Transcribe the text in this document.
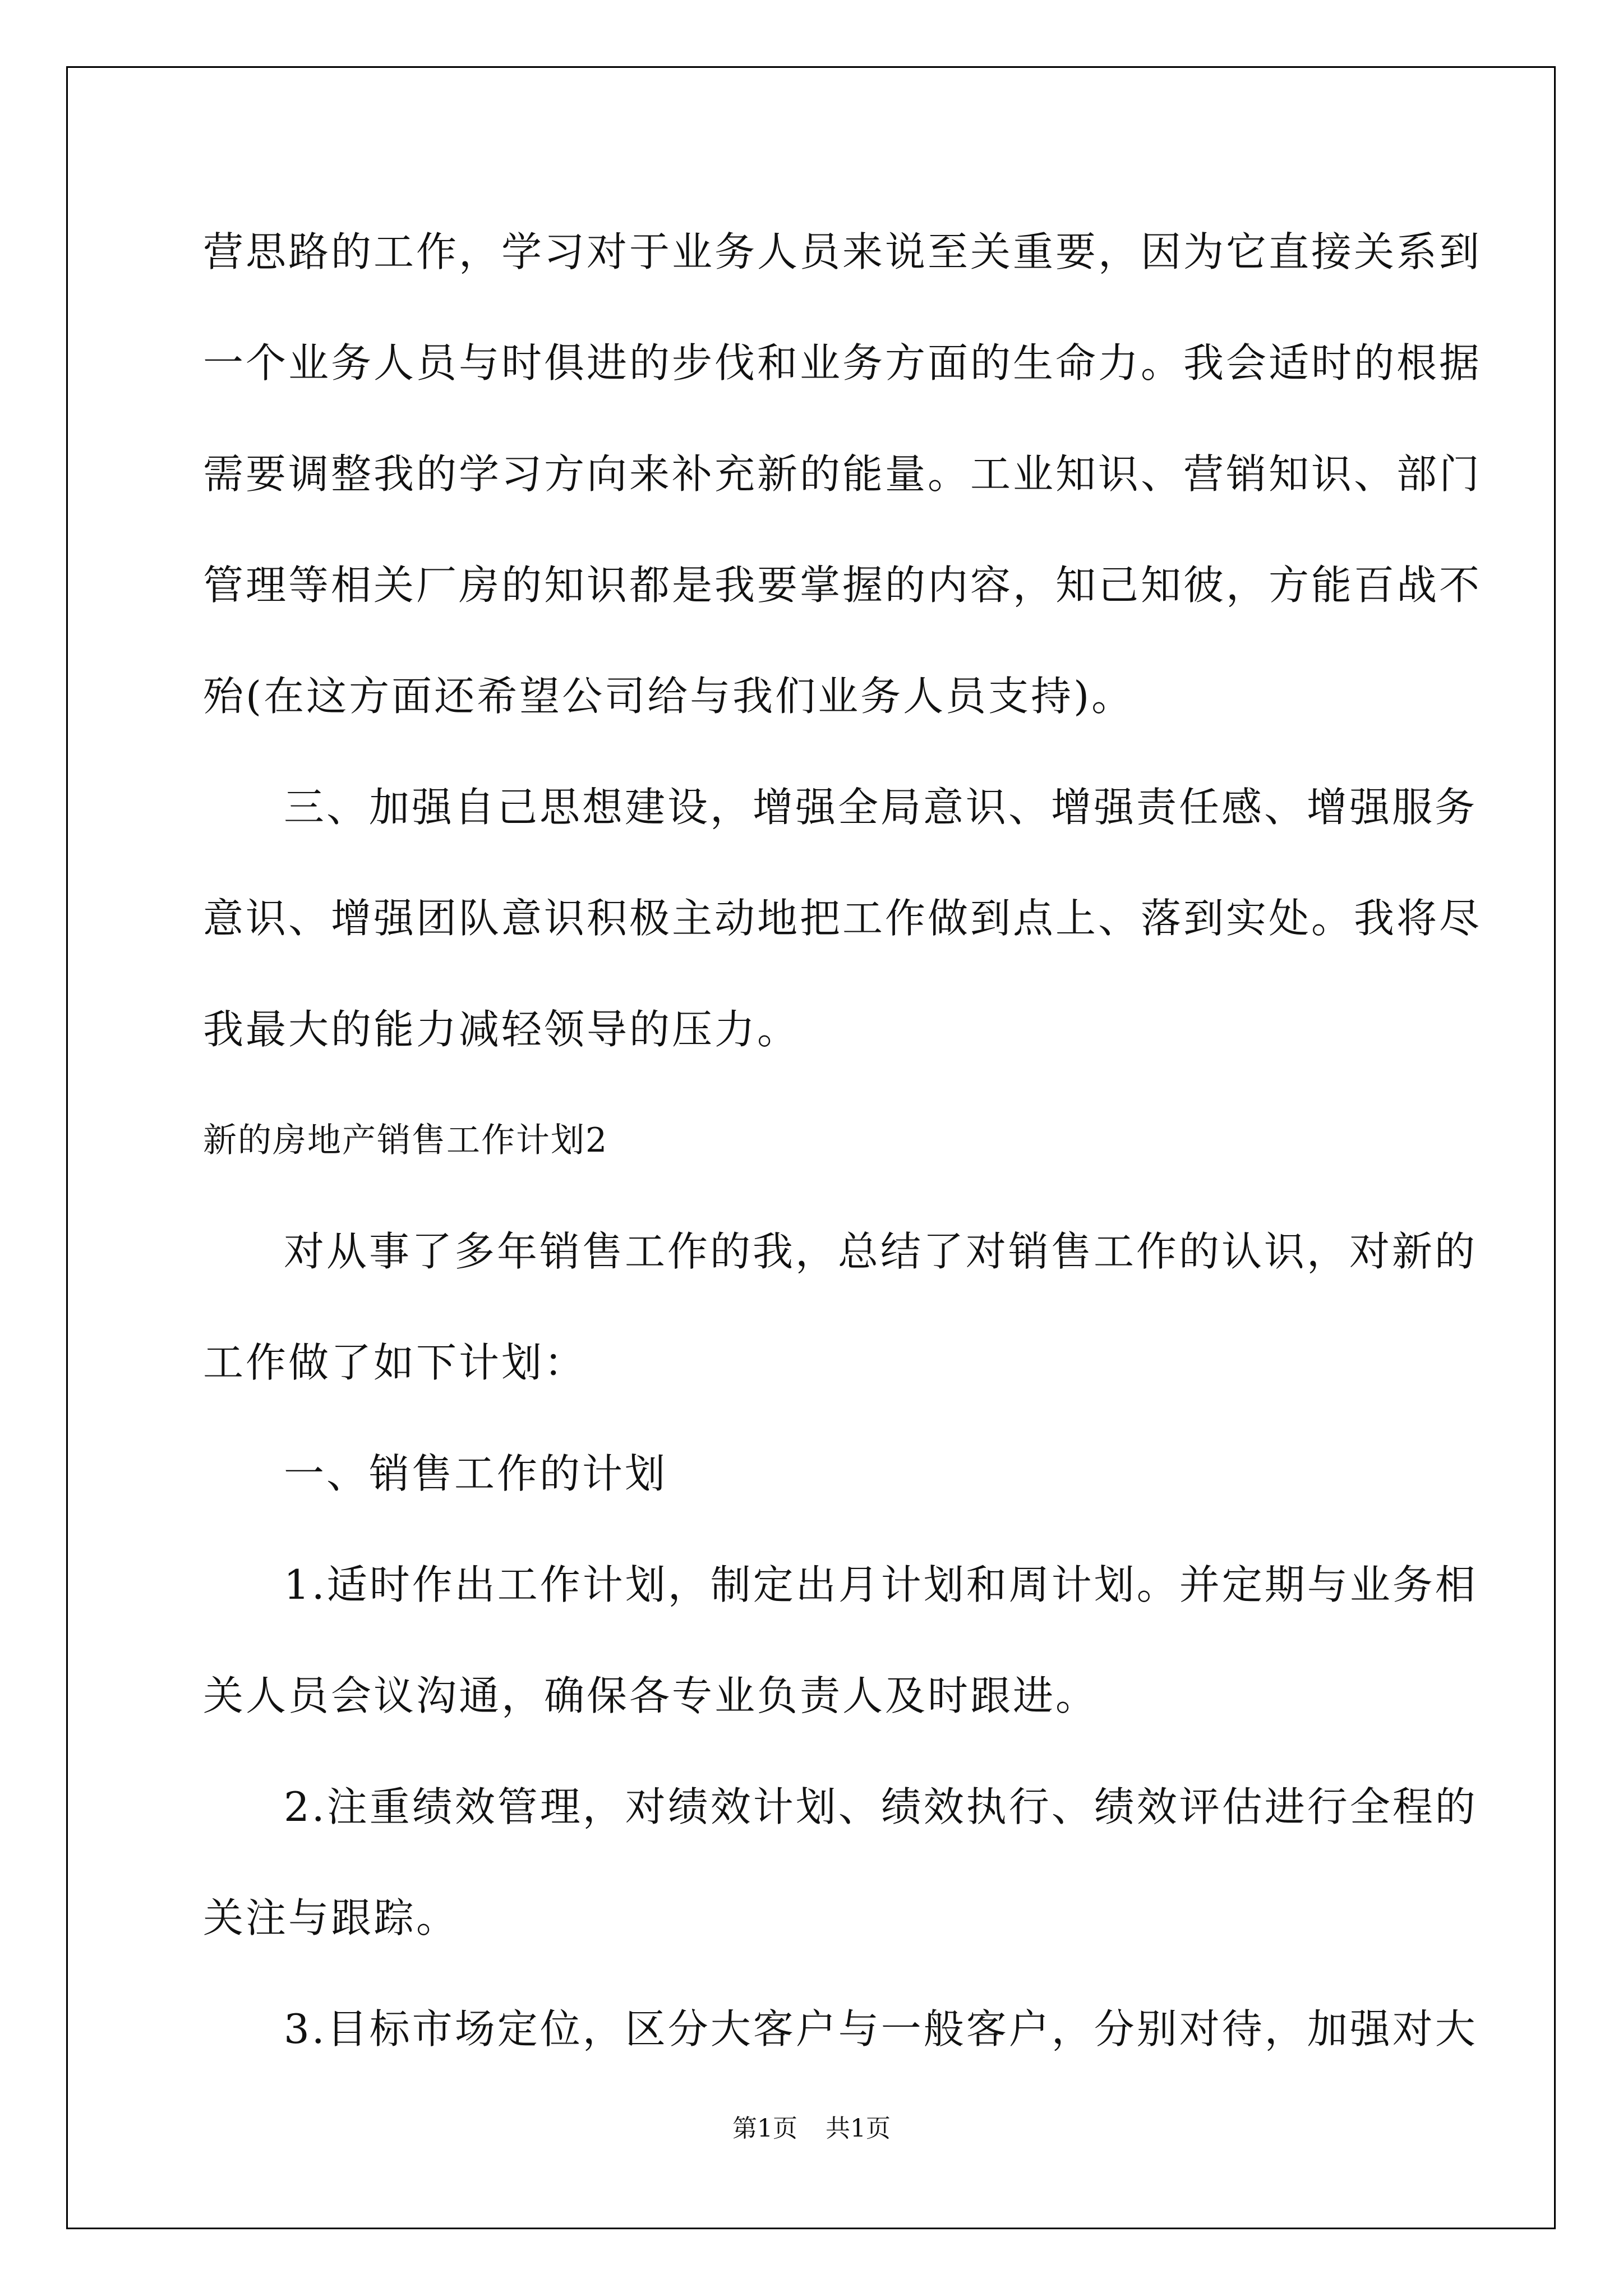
营思路的工作，学习对于业务人员来说至关重要，因为它直接关系到
一个业务人员与时俱进的步伐和业务方面的生命力。我会适时的根据
需要调整我的学习方向来补充新的能量。工业知识、营销知识、部门
管理等相关厂房的知识都是我要掌握的内容，知己知彼，方能百战不
殆(在这方面还希望公司给与我们业务人员支持)。
三、加强自己思想建设，增强全局意识、增强责任感、增强服务
意识、增强团队意识积极主动地把工作做到点上、落到实处。我将尽
我最大的能力减轻领导的压力。
新的房地产销售工作计划2
对从事了多年销售工作的我，总结了对销售工作的认识，对新的
工作做了如下计划：
一、销售工作的计划
1.适时作出工作计划，制定出月计划和周计划。并定期与业务相
关人员会议沟通，确保各专业负责人及时跟进。
2.注重绩效管理，对绩效计划、绩效执行、绩效评估进行全程的
关注与跟踪。
3.目标市场定位，区分大客户与一般客户，分别对待，加强对大
第1页 共1页
